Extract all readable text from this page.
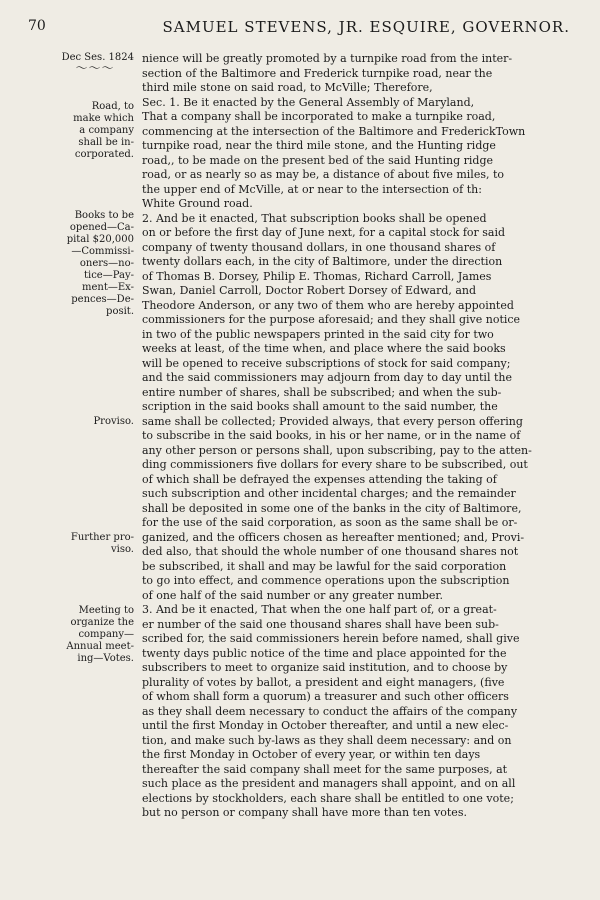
70	SAMUEL STEVENS, JR. ESQUIRE, GOVERNOR.
Dec Ses. 1824
〜〜〜
Road, to
make which
a company
shall be in-
corporated.
Books to be
opened—Ca-
pital $20,000
—Commissi-
oners—no-
tice—Pay-
ment—Ex-
pences—De-
posit.
Proviso.
Further pro-
viso.
Meeting to
organize the
company—
Annual meet-
ing—Votes.
nience will be greatly promoted by a turnpike road from the inter-
section of the Baltimore and Frederick turnpike road, near the
third mile stone on said road, to McVille; Therefore,
Sec. 1. Be it enacted by the General Assembly of Maryland,
That a company shall be incorporated to make a turnpike road,
commencing at the intersection of the Baltimore and FrederickTown
turnpike road, near the third mile stone, and the Hunting ridge
road,, to be made on the present bed of the said Hunting ridge
road, or as nearly so as may be, a distance of about five miles, to
the upper end of McVille, at or near to the intersection of th:
White Ground road.
2. And be it enacted, That subscription books shall be opened
on or before the first day of June next, for a capital stock for said
company of twenty thousand dollars, in one thousand shares of
twenty dollars each, in the city of Baltimore, under the direction
of Thomas B. Dorsey, Philip E. Thomas, Richard Carroll, James
Swan, Daniel Carroll, Doctor Robert Dorsey of Edward, and
Theodore Anderson, or any two of them who are hereby appointed
commissioners for the purpose aforesaid; and they shall give notice
in two of the public newspapers printed in the said city for two
weeks at least, of the time when, and place where the said books
will be opened to receive subscriptions of stock for said company;
and the said commissioners may adjourn from day to day until the
entire number of shares, shall be subscribed; and when the sub-
scription in the said books shall amount to the said number, the
same shall be collected; Provided always, that every person offering
to subscribe in the said books, in his or her name, or in the name of
any other person or persons shall, upon subscribing, pay to the atten-
ding commissioners five dollars for every share to be subscribed, out
of which shall be defrayed the expenses attending the taking of
such subscription and other incidental charges; and the remainder
shall be deposited in some one of the banks in the city of Baltimore,
for the use of the said corporation, as soon as the same shall be or-
ganized, and the officers chosen as hereafter mentioned; and, Provi-
ded also, that should the whole number of one thousand shares not
be subscribed, it shall and may be lawful for the said corporation
to go into effect, and commence operations upon the subscription
of one half of the said number or any greater number.
3. And be it enacted, That when the one half part of, or a great-
er number of the said one thousand shares shall have been sub-
scribed for, the said commissioners herein before named, shall give
twenty days public notice of the time and place appointed for the
subscribers to meet to organize said institution, and to choose by
plurality of votes by ballot, a president and eight managers, (five
of whom shall form a quorum) a treasurer and such other officers
as they shall deem necessary to conduct the affairs of the company
until the first Monday in October thereafter, and until a new elec-
tion, and make such by-laws as they shall deem necessary: and on
the first Monday in October of every year, or within ten days
thereafter the said company shall meet for the same purposes, at
such place as the president and managers shall appoint, and on all
elections by stockholders, each share shall be entitled to one vote;
but no person or company shall have more than ten votes.
